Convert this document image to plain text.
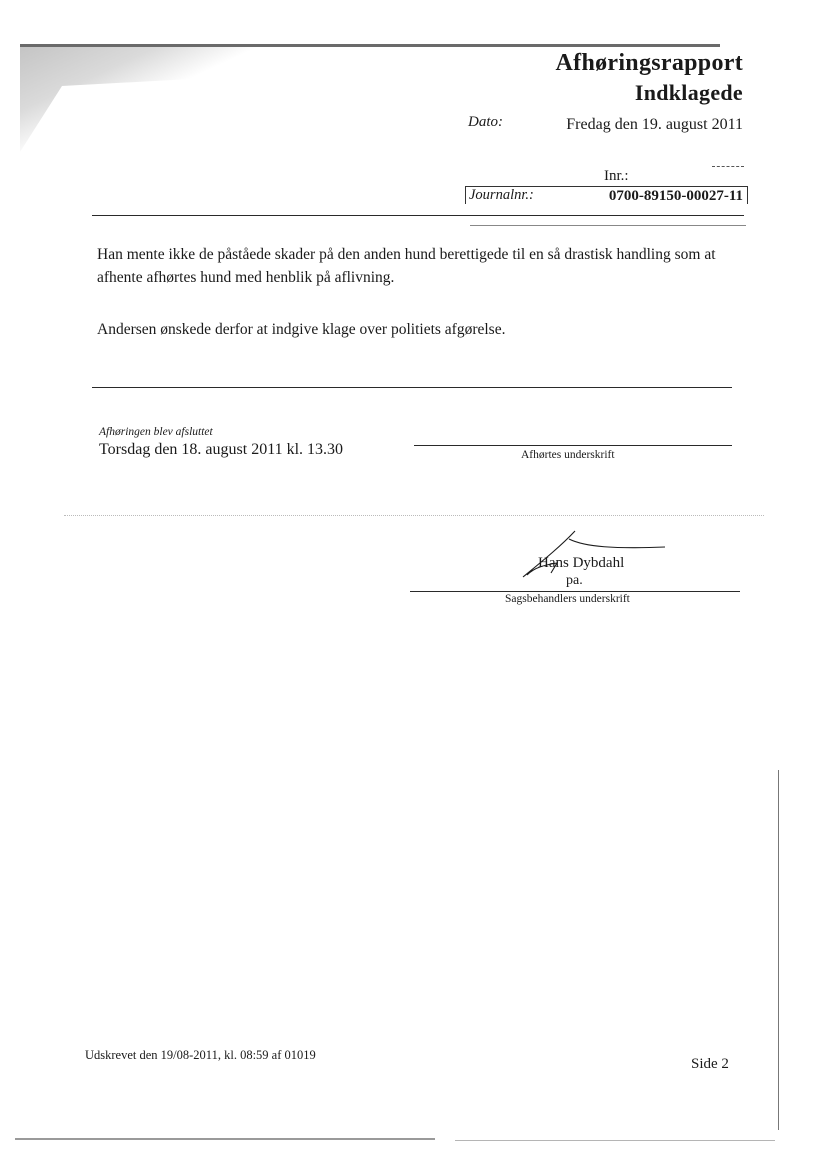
Afhøringsrapport
Indklagede
Dato:	Fredag den 19. august 2011
Inr.:
Journalnr.:	0700-89150-00027-11
Han mente ikke de påståede skader på den anden hund berettigede til en så drastisk handling som at
afhente afhørtes hund med henblik på aflivning.
Andersen ønskede derfor at indgive klage over politiets afgørelse.
Afhøringen blev afsluttet
Torsdag den 18. august 2011 kl. 13.30	Afhørtes underskrift
Hans Dybdahl
pa.
Sagsbehandlers underskrift
Udskrevet den 19/08-2011, kl. 08:59 af 01019
Side 2
